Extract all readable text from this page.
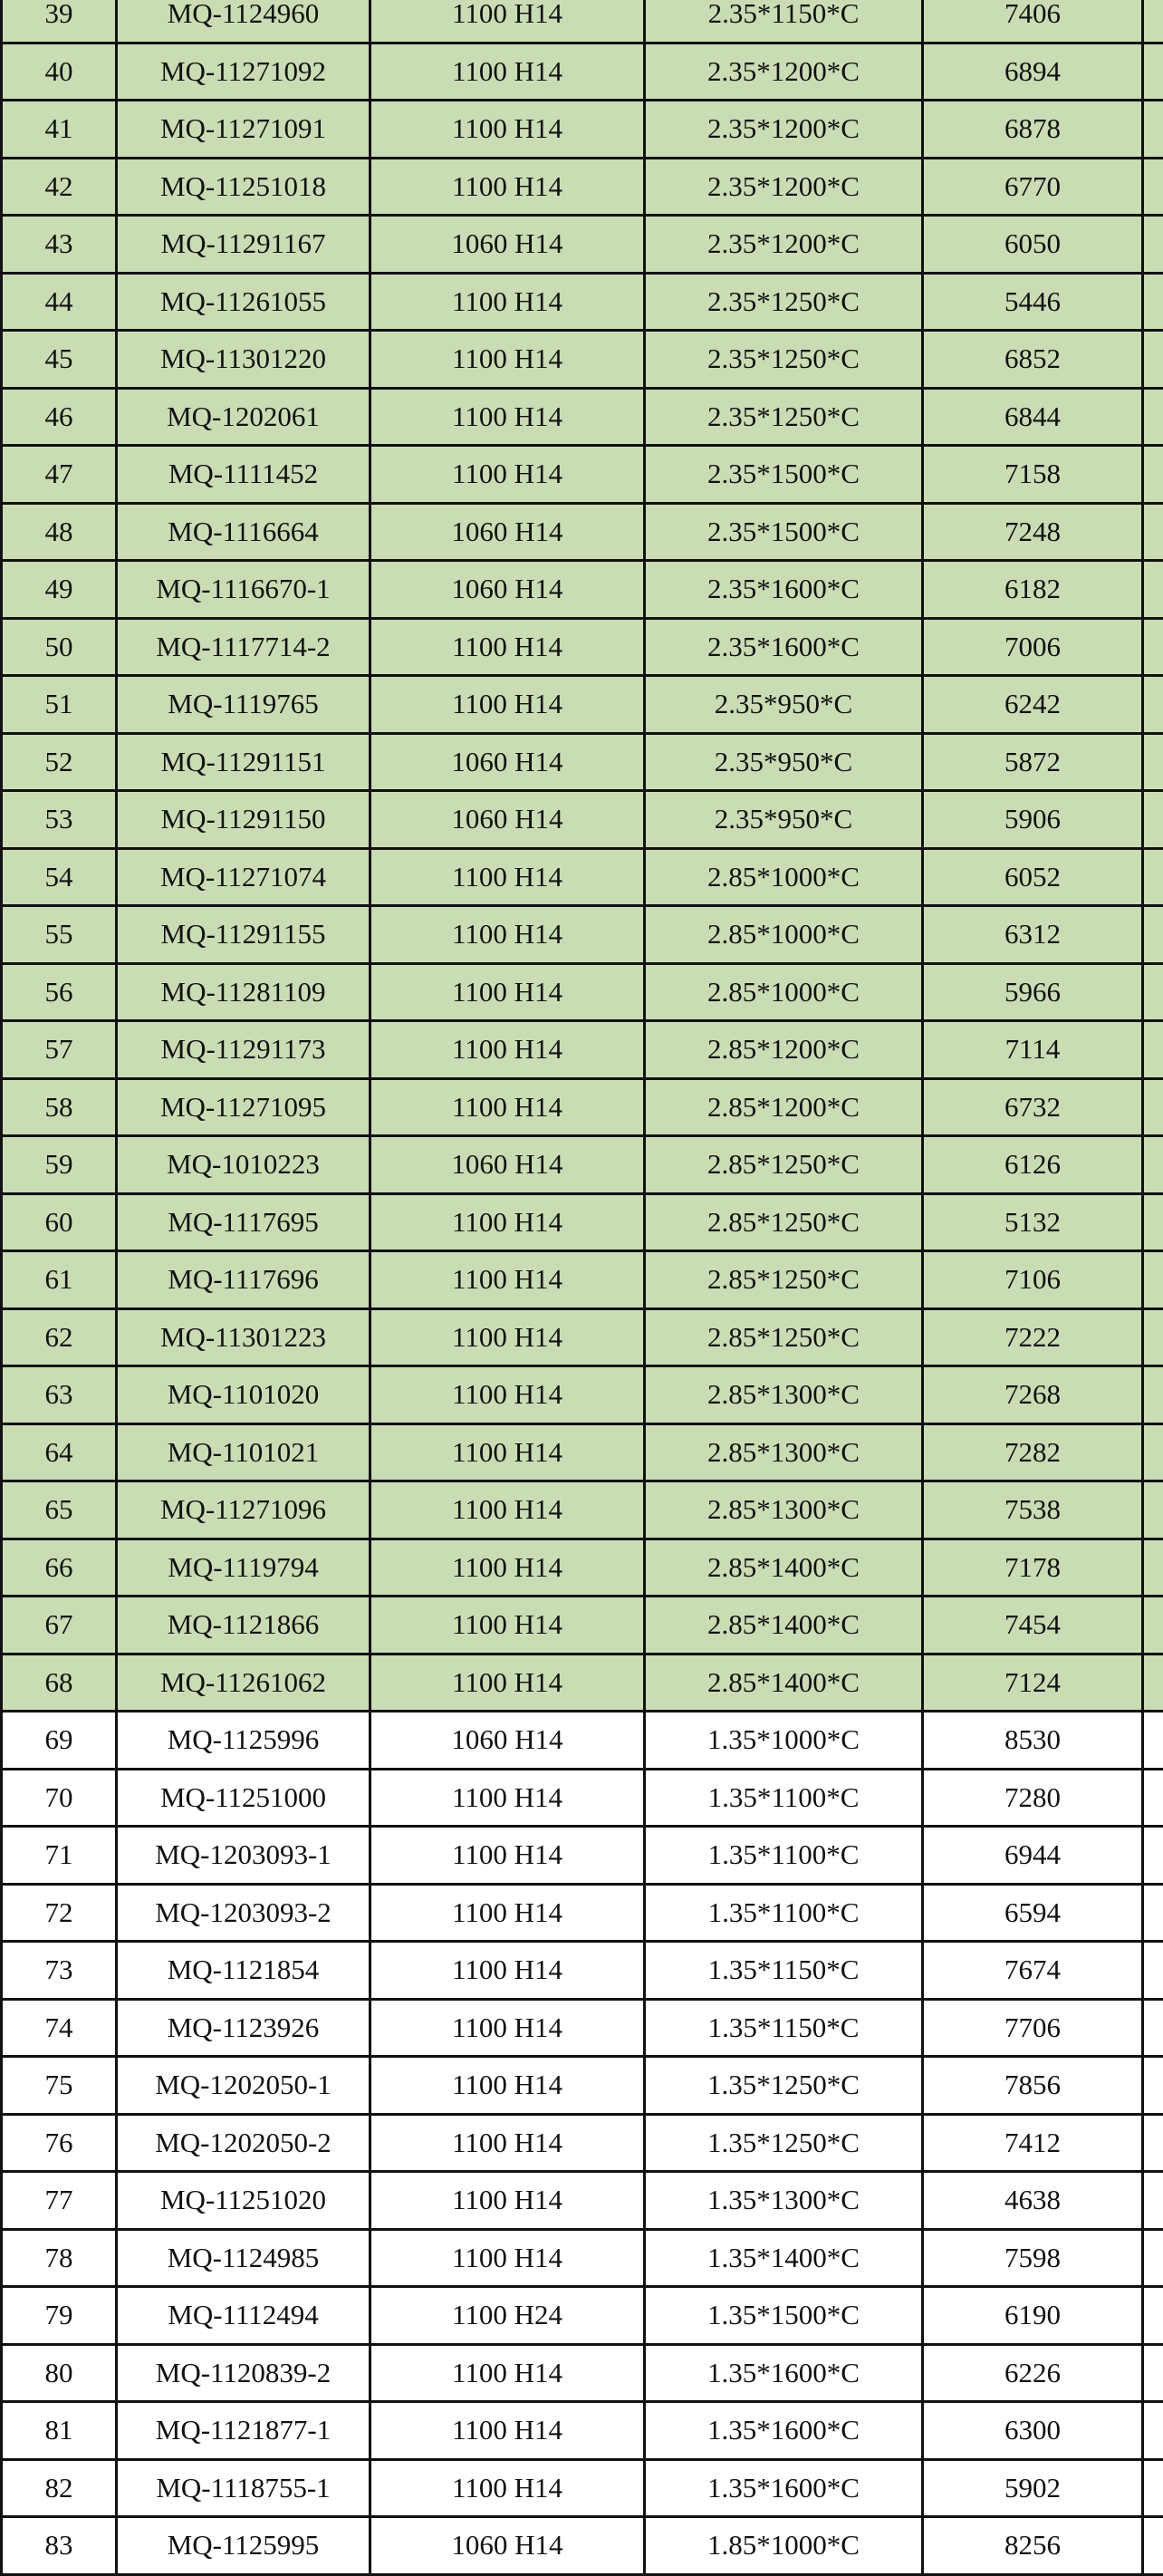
39	MQ-1124960	1100 H14	2.35*1150*C	7406
40	MQ-11271092	1100 H14	2.35*1200*C	6894
41	MQ-11271091	1100 H14	2.35*1200*C	6878
42	MQ-11251018	1100 H14	2.35*1200*C	6770
43	MQ-11291167	1060 H14	2.35*1200*C	6050
44	MQ-11261055	1100 H14	2.35*1250*C	5446
45	MQ-11301220	1100 H14	2.35*1250*C	6852
46	MQ-1202061	1100 H14	2.35*1250*C	6844
47	MQ-1111452	1100 H14	2.35*1500*C	7158
48	MQ-1116664	1060 H14	2.35*1500*C	7248
49	MQ-1116670-1	1060 H14	2.35*1600*C	6182
50	MQ-1117714-2	1100 H14	2.35*1600*C	7006
51	MQ-1119765	1100 H14	2.35*950*C	6242
52	MQ-11291151	1060 H14	2.35*950*C	5872
53	MQ-11291150	1060 H14	2.35*950*C	5906
54	MQ-11271074	1100 H14	2.85*1000*C	6052
55	MQ-11291155	1100 H14	2.85*1000*C	6312
56	MQ-11281109	1100 H14	2.85*1000*C	5966
57	MQ-11291173	1100 H14	2.85*1200*C	7114
58	MQ-11271095	1100 H14	2.85*1200*C	6732
59	MQ-1010223	1060 H14	2.85*1250*C	6126
60	MQ-1117695	1100 H14	2.85*1250*C	5132
61	MQ-1117696	1100 H14	2.85*1250*C	7106
62	MQ-11301223	1100 H14	2.85*1250*C	7222
63	MQ-1101020	1100 H14	2.85*1300*C	7268
64	MQ-1101021	1100 H14	2.85*1300*C	7282
65	MQ-11271096	1100 H14	2.85*1300*C	7538
66	MQ-1119794	1100 H14	2.85*1400*C	7178
67	MQ-1121866	1100 H14	2.85*1400*C	7454
68	MQ-11261062	1100 H14	2.85*1400*C	7124
69	MQ-1125996	1060 H14	1.35*1000*C	8530
70	MQ-11251000	1100 H14	1.35*1100*C	7280
71	MQ-1203093-1	1100 H14	1.35*1100*C	6944
72	MQ-1203093-2	1100 H14	1.35*1100*C	6594
73	MQ-1121854	1100 H14	1.35*1150*C	7674
74	MQ-1123926	1100 H14	1.35*1150*C	7706
75	MQ-1202050-1	1100 H14	1.35*1250*C	7856
76	MQ-1202050-2	1100 H14	1.35*1250*C	7412
77	MQ-11251020	1100 H14	1.35*1300*C	4638
78	MQ-1124985	1100 H14	1.35*1400*C	7598
79	MQ-1112494	1100 H24	1.35*1500*C	6190
80	MQ-1120839-2	1100 H14	1.35*1600*C	6226
81	MQ-1121877-1	1100 H14	1.35*1600*C	6300
82	MQ-1118755-1	1100 H14	1.35*1600*C	5902
83	MQ-1125995	1060 H14	1.85*1000*C	8256
